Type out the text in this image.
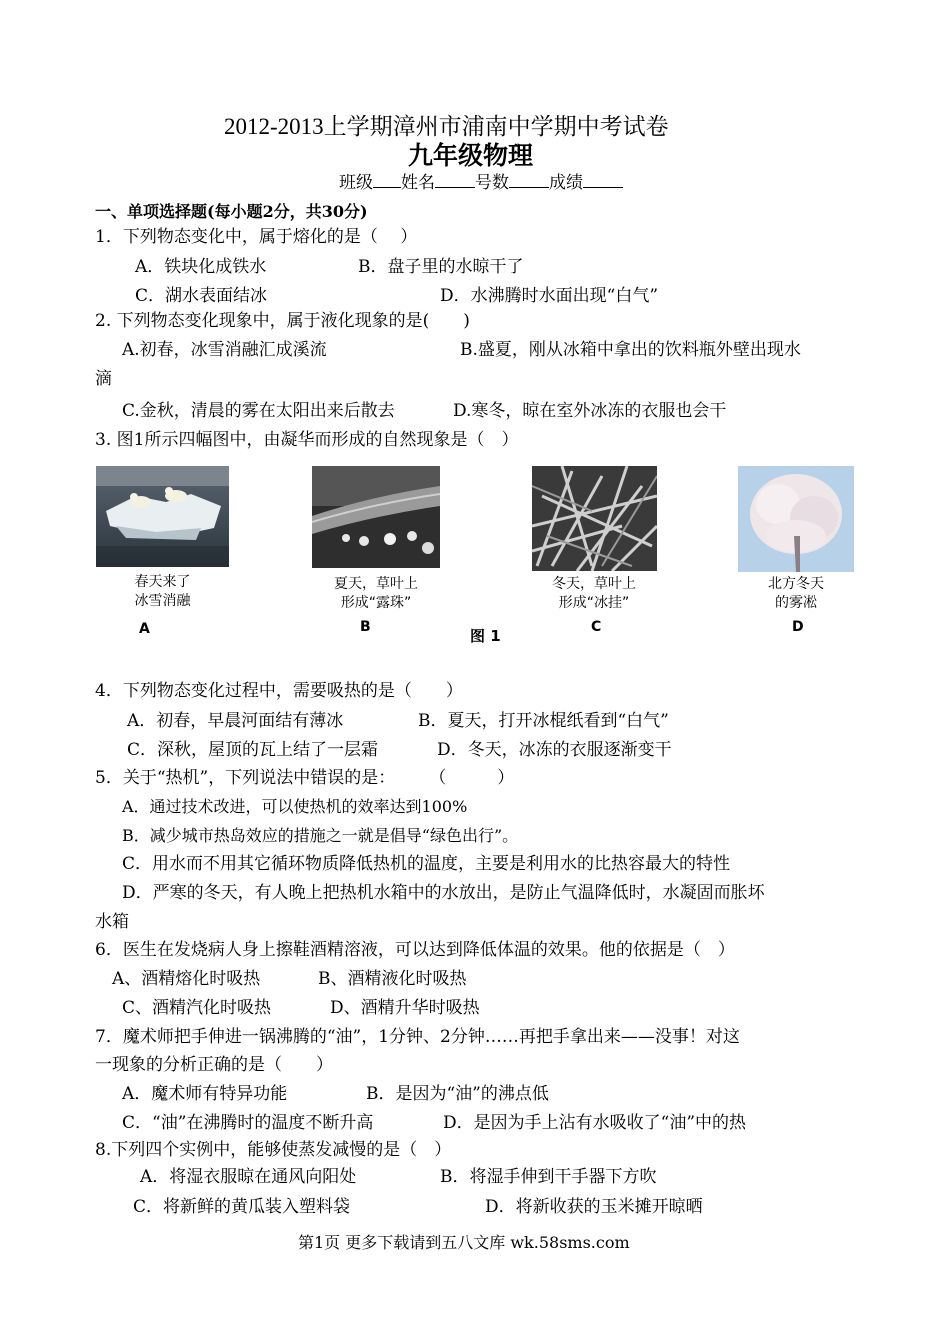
2012-2013上学期漳州市浦南中学期中考试卷
九年级物理
班级 姓名 号数 成绩
一、单项选择题(每小题2分，共30分)
1．下列物态变化中，属于熔化的是（　 ）
A．铁块化成铁水	B．盘子里的水晾干了
C．湖水表面结冰	D．水沸腾时水面出现“白气”
2. 下列物态变化现象中，属于液化现象的是(　　)
A.初春，冰雪消融汇成溪流	B.盛夏，刚从冰箱中拿出的饮料瓶外壁出现水
滴
C.金秋，清晨的雾在太阳出来后散去	D.寒冬，晾在室外冰冻的衣服也会干
3. 图1所示四幅图中，由凝华而形成的自然现象是（　）
春天来了
冰雪消融
A
夏天，草叶上
形成“露珠”
B
冬天，草叶上
形成“冰挂”
C
北方冬天
的雾凇
D
图 1
4．下列物态变化过程中，需要吸热的是（　　）
A．初春，早晨河面结有薄冰	B．夏天，打开冰棍纸看到“白气”
C．深秋，屋顶的瓦上结了一层霜	D．冬天，冰冻的衣服逐渐变干
5．关于“热机”，下列说法中错误的是：　　　（　　　）
A．通过技术改进，可以使热机的效率达到100%
B．减少城市热岛效应的措施之一就是倡导“绿色出行”。
C．用水而不用其它循环物质降低热机的温度，主要是利用水的比热容最大的特性
D．严寒的冬天，有人晚上把热机水箱中的水放出，是防止气温降低时，水凝固而胀坏
水箱
6．医生在发烧病人身上擦鞋酒精溶液，可以达到降低体温的效果。他的依据是（　）
A、酒精熔化时吸热	B、酒精液化时吸热
C、酒精汽化时吸热	D、酒精升华时吸热
7．魔术师把手伸进一锅沸腾的“油”，1分钟、2分钟……再把手拿出来——没事！对这
一现象的分析正确的是（　　）
A．魔术师有特异功能	B．是因为“油”的沸点低
C．“油”在沸腾时的温度不断升高	D．是因为手上沾有水吸收了“油”中的热
8.下列四个实例中，能够使蒸发减慢的是（　）
A．将湿衣服晾在通风向阳处	B．将湿手伸到干手器下方吹
C．将新鲜的黄瓜装入塑料袋	D．将新收获的玉米摊开晾晒
第1页 更多下载请到五八文库 wk.58sms.com
